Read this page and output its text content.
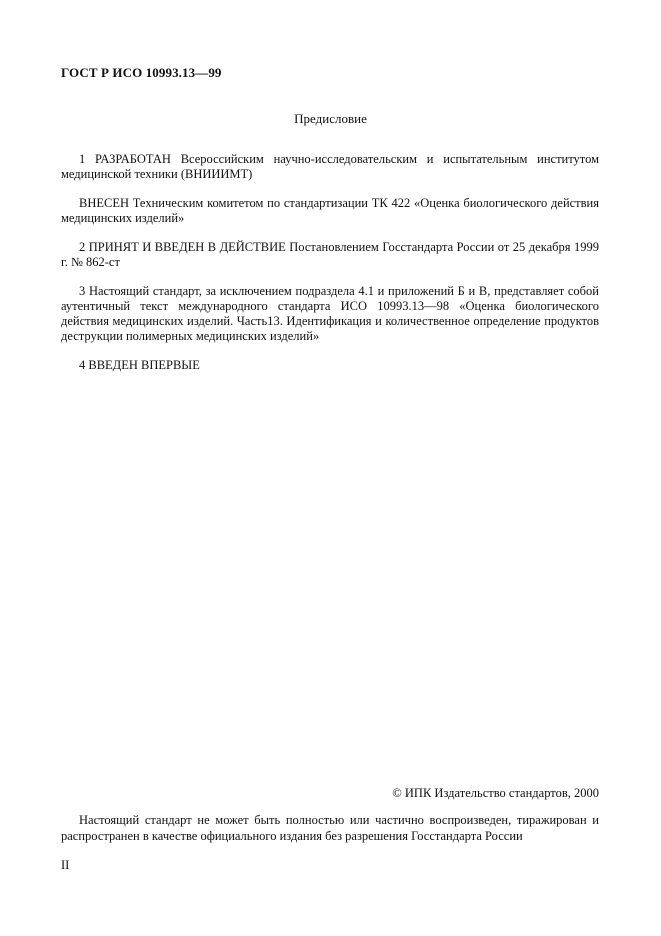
ГОСТ Р ИСО 10993.13—99
Предисловие

1 РАЗРАБОТАН Всероссийским научно-исследовательским и испытательным институтом медицинской техники (ВНИИИМТ)

ВНЕСЕН Техническим комитетом по стандартизации ТК 422 «Оценка биологического действия медицинских изделий»

2 ПРИНЯТ И ВВЕДЕН В ДЕЙСТВИЕ Постановлением Госстандарта России от 25 декабря 1999 г. № 862-ст

3 Настоящий стандарт, за исключением подраздела 4.1 и приложений Б и В, представляет собой аутентичный текст международного стандарта ИСО 10993.13—98 «Оценка биологического действия медицинских изделий. Часть13. Идентификация и количественное определение продуктов деструкции полимерных медицинских изделий»

4 ВВЕДЕН ВПЕРВЫЕ

© ИПК Издательство стандартов, 2000

Настоящий стандарт не может быть полностью или частично воспроизведен, тиражирован и распространен в качестве официального издания без разрешения Госстандарта России

II
